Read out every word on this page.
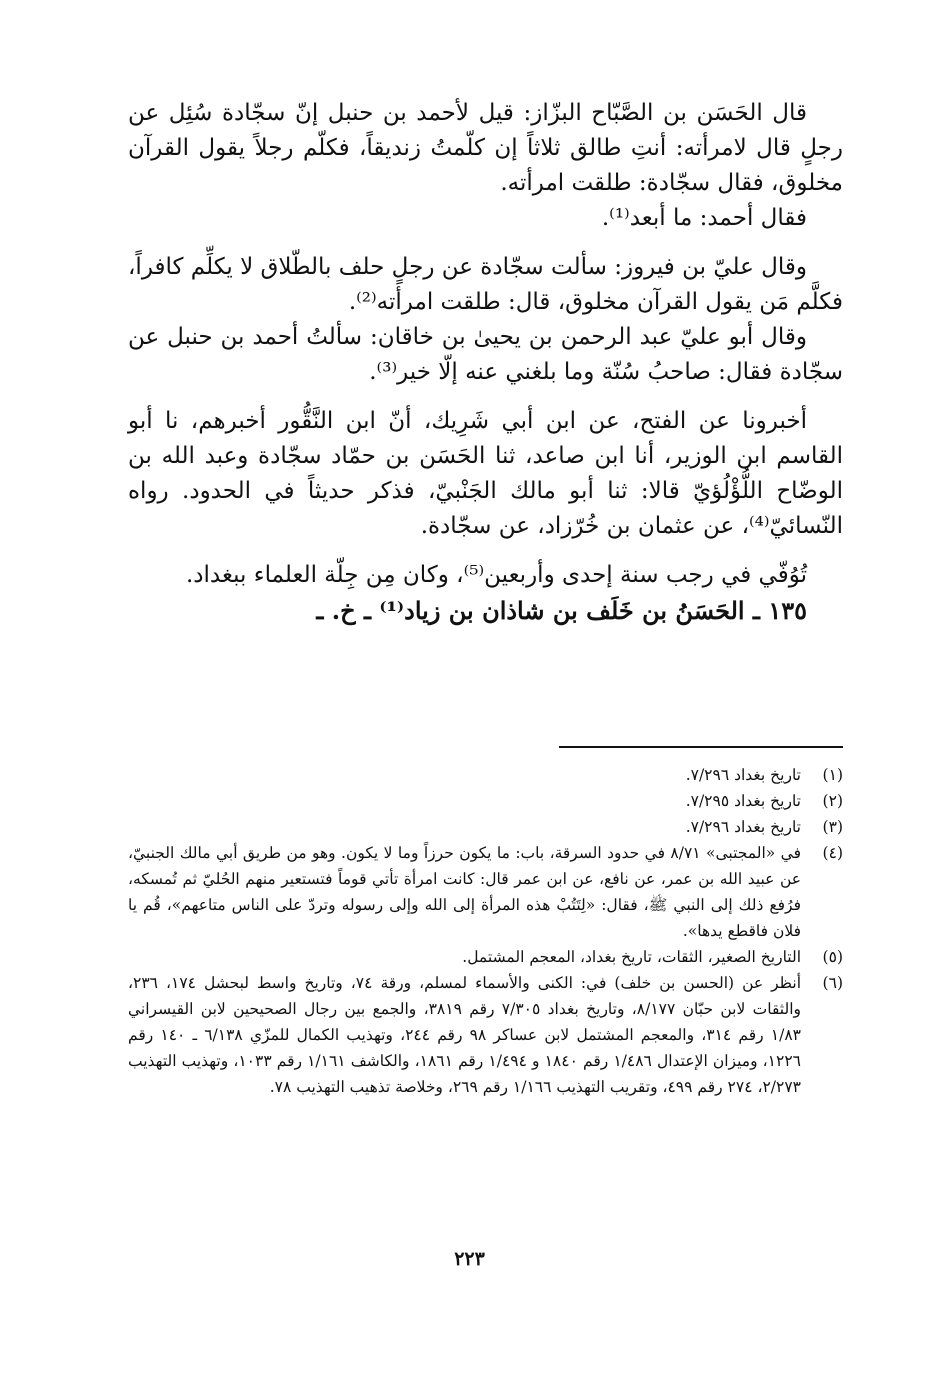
قال الحَسَن بن الصَّبّاح البزّاز: قيل لأحمد بن حنبل إنّ سجّادة سُئِل عن رجلٍ قال لامرأته: أنتِ طالق ثلاثاً إن كلّمتُ زنديقاً، فكلّم رجلاً يقول القرآن مخلوق، فقال سجّادة: طلقت امرأته.

فقال أحمد: ما أبعد⁽¹⁾.

وقال عليّ بن فيروز: سألت سجّادة عن رجلٍ حلف بالطّلاق لا يكلِّم كافراً، فكلَّم مَن يقول القرآن مخلوق، قال: طلقت امرأته⁽²⁾.

وقال أبو عليّ عبد الرحمن بن يحيىٰ بن خاقان: سألتُ أحمد بن حنبل عن سجّادة فقال: صاحبُ سُنّة وما بلغني عنه إلّا خير⁽³⁾.

أخبرونا عن الفتح، عن ابن أبي شَرِيك، أنّ ابن النَّقُّور أخبرهم، نا أبو القاسم ابن الوزير، أنا ابن صاعد، ثنا الحَسَن بن حمّاد سجّادة وعبد الله بن الوضّاح اللُّؤْلُؤيّ قالا: ثنا أبو مالك الجَنْبيّ، فذكر حديثاً في الحدود. رواه النّسائيّ⁽⁴⁾، عن عثمان بن خُرّزاد، عن سجّادة.

تُوُفّي في رجب سنة إحدى وأربعين⁽⁵⁾، وكان مِن جِلّة العلماء ببغداد.

١٣٥ ـ الحَسَنُ بن خَلَف بن شاذان بن زياد⁽¹⁾ ـ خ. ـ

(١)
تاريخ بغداد ٧/٢٩٦.
(٢)
تاريخ بغداد ٧/٢٩٥.
(٣)
تاريخ بغداد ٧/٢٩٦.
(٤)
في «المجتبى» ٨/٧١ في حدود السرقة، باب: ما يكون حرزاً وما لا يكون. وهو من طريق أبي مالك الجنبيّ، عن عبيد الله بن عمر، عن نافع، عن ابن عمر قال: كانت امرأة تأتي قوماً فتستعير منهم الحُليّ ثم تُمسكه، فرُفع ذلك إلى النبي ﷺ، فقال: «لِتَتُبْ هذه المرأة إلى الله وإلى رسوله وتردّ على الناس متاعهم»، قُم يا فلان فاقطع يدها».
(٥)
التاريخ الصغير، الثقات، تاريخ بغداد، المعجم المشتمل.
(٦)
أنظر عن (الحسن بن خلف) في: الكنى والأسماء لمسلم، ورقة ٧٤، وتاريخ واسط لبحشل ١٧٤، ٢٣٦، والثقات لابن حبّان ٨/١٧٧، وتاريخ بغداد ٧/٣٠٥ رقم ٣٨١٩، والجمع بين رجال الصحيحين لابن القيسراني ١/٨٣ رقم ٣١٤، والمعجم المشتمل لابن عساكر ٩٨ رقم ٢٤٤، وتهذيب الكمال للمزّي ٦/١٣٨ ـ ١٤٠ رقم ١٢٢٦، وميزان الإعتدال ١/٤٨٦ رقم ١٨٤٠ و ١/٤٩٤ رقم ١٨٦١، والكاشف ١/١٦١ رقم ١٠٣٣، وتهذيب التهذيب ٢/٢٧٣، ٢٧٤ رقم ٤٩٩، وتقريب التهذيب ١/١٦٦ رقم ٢٦٩، وخلاصة تذهيب التهذيب ٧٨.
٢٢٣
